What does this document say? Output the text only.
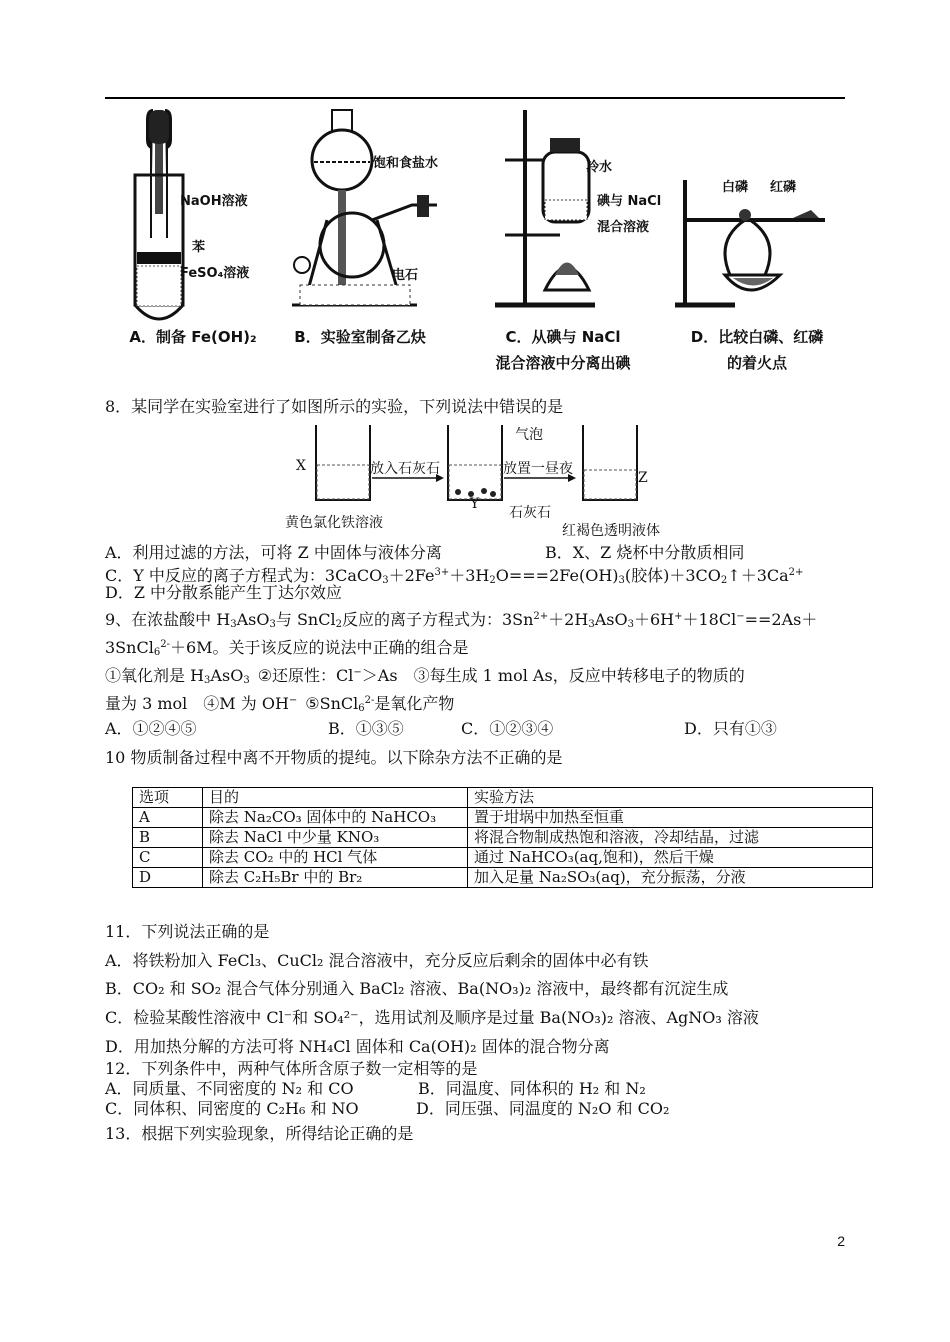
NaOH溶液
苯
FeSO₄溶液
饱和食盐水
电石
冷水
碘与 NaCl
混合溶液
白磷 红磷
A．制备 Fe(OH)₂	B．实验室制备乙炔	C．从碘与 NaCl
混合溶液中分离出碘
D．比较白磷、红磷
的着火点
8．某同学在实验室进行了如图所示的实验，下列说法中错误的是
X	放入石灰石
气泡
放置一昼夜
Z
Y
石灰石
黄色氯化铁溶液	红褐色透明液体
A．利用过滤的方法，可将 Z 中固体与液体分离	B．X、Z 烧杯中分散质相同
C．Y 中反应的离子方程式为：$3CaCO_3+2Fe^{3+}+3H_2O===2Fe(OH)_3$(胶体)$+3CO_2↑+3Ca^{2+}$
D．Z 中分散系能产生丁达尔效应
9、在浓盐酸中 $H_3AsO_3$与 SnCl$_2$反应的离子方程式为：$3Sn^{2+}+2H_3AsO_3+6H^++18Cl^-==2As+$
3SnCl$_6^{2-}$＋6M。关于该反应的说法中正确的组合是
①氧化剂是 $H_3AsO_3$  ②还原性：Cl−＞As　③每生成 1 mol As，反应中转移电子的物质的
量为 3 mol　④M 为 OH−  ⑤SnCl$_6^{2-}$是氧化产物
A．①②④⑤	B．①③⑤	C．①②③④	D．只有①③
10 物质制备过程中离不开物质的提纯。以下除杂方法不正确的是
选项	目的	实验方法
A	除去 Na₂CO₃ 固体中的 NaHCO₃	置于坩埚中加热至恒重
B	除去 NaCl 中少量 KNO₃	将混合物制成热饱和溶液，冷却结晶，过滤
C	除去 CO₂ 中的 HCl 气体	通过 NaHCO₃(aq,饱和)，然后干燥
D	除去 C₂H₅Br 中的 Br₂	加入足量 Na₂SO₃(aq)，充分振荡，分液
11．下列说法正确的是
A．将铁粉加入 FeCl₃、CuCl₂ 混合溶液中，充分反应后剩余的固体中必有铁
B．CO₂ 和 SO₂ 混合气体分别通入 BaCl₂ 溶液、Ba(NO₃)₂ 溶液中，最终都有沉淀生成
C．检验某酸性溶液中 Cl⁻和 SO₄²⁻，选用试剂及顺序是过量 Ba(NO₃)₂ 溶液、AgNO₃ 溶液
D．用加热分解的方法可将 NH₄Cl 固体和 Ca(OH)₂ 固体的混合物分离
12．下列条件中，两种气体所含原子数一定相等的是
A．同质量、不同密度的 N₂ 和 CO	B．同温度、同体积的 H₂ 和 N₂
C．同体积、同密度的 C₂H₆ 和 NO	D．同压强、同温度的 N₂O 和 CO₂
13．根据下列实验现象，所得结论正确的是
2
